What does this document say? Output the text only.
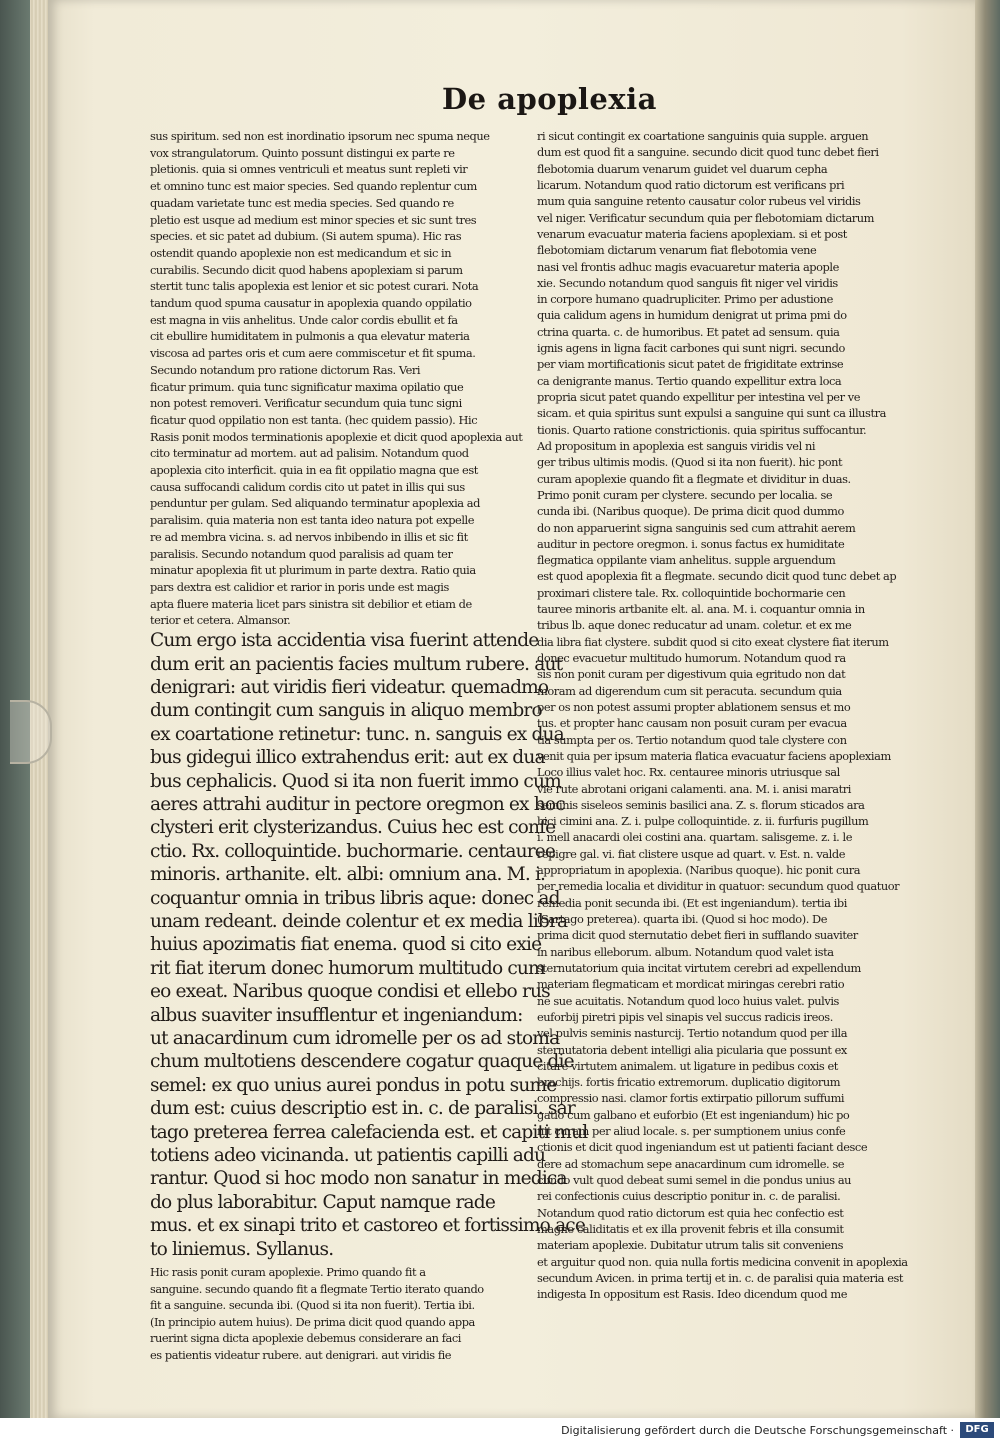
De apoplexia
sus spiritum. sed non est inordinatio ipsorum nec spuma neque
vox strangulatorum. Quinto possunt distingui ex parte re
pletionis. quia si omnes ventriculi et meatus sunt repleti vir
et omnino tunc est maior species. Sed quando replentur cum
quadam varietate tunc est media species. Sed quando re
pletio est usque ad medium est minor species et sic sunt tres
species. et sic patet ad dubium. (Si autem spuma). Hic ras
ostendit quando apoplexie non est medicandum et sic in
curabilis. Secundo dicit quod habens apoplexiam si parum
stertit tunc talis apoplexia est lenior et sic potest curari. Nota
tandum quod spuma causatur in apoplexia quando oppilatio
est magna in viis anhelitus. Unde calor cordis ebullit et fa
cit ebullire humiditatem in pulmonis a qua elevatur materia
viscosa ad partes oris et cum aere commiscetur et fit spuma.
Secundo notandum pro ratione dictorum Ras. Veri
ficatur primum. quia tunc significatur maxima opilatio que
non potest removeri. Verificatur secundum quia tunc signi
ficatur quod oppilatio non est tanta. (hec quidem passio). Hic
Rasis ponit modos terminationis apoplexie et dicit quod apoplexia aut
cito terminatur ad mortem. aut ad palisim. Notandum quod
apoplexia cito interficit. quia in ea fit oppilatio magna que est
causa suffocandi calidum cordis cito ut patet in illis qui sus
penduntur per gulam. Sed aliquando terminatur apoplexia ad
paralisim. quia materia non est tanta ideo natura pot expelle
re ad membra vicina. s. ad nervos inbibendo in illis et sic fit
paralisis. Secundo notandum quod paralisis ad quam ter
minatur apoplexia fit ut plurimum in parte dextra. Ratio quia
pars dextra est calidior et rarior in poris unde est magis
apta fluere materia licet pars sinistra sit debilior et etiam de
terior et cetera. Almansor.
Cum ergo ista accidentia visa fuerint attende
dum erit an pacientis facies multum rubere. aut
denigrari: aut viridis fieri videatur. quemadmo
dum contingit cum sanguis in aliquo membro
ex coartatione retinetur: tunc. n. sanguis ex dua
bus gidegui illico extrahendus erit: aut ex dua
bus cephalicis. Quod si ita non fuerit immo cum
aeres attrahi auditur in pectore oregmon ex hoc
clysteri erit clysterizandus. Cuius hec est confe
ctio. Rx. colloquintide. buchormarie. centauree
minoris. arthanite. elt. albi: omnium ana. M. i.
coquantur omnia in tribus libris aque: donec ad
unam redeant. deinde colentur et ex media libra
huius apozimatis fiat enema. quod si cito exie
rit fiat iterum donec humorum multitudo cum
eo exeat. Naribus quoque condisi et ellebo rus
albus suaviter insufflentur et ingeniandum:
ut anacardinum cum idromelle per os ad stoma
chum multotiens descendere cogatur quaque die
semel: ex quo unius aurei pondus in potu sume
dum est: cuius descriptio est in. c. de paralisi. sar
tago preterea ferrea calefacienda est. et capiti mul
totiens adeo vicinanda. ut patientis capilli adu
rantur. Quod si hoc modo non sanatur in medica
do plus laborabitur. Caput namque rade
mus. et ex sinapi trito et castoreo et fortissimo ace
to liniemus. Syllanus.
Hic rasis ponit curam apoplexie. Primo quando fit a
sanguine. secundo quando fit a flegmate Tertio iterato quando
fit a sanguine. secunda ibi. (Quod si ita non fuerit). Tertia ibi.
(In principio autem huius). De prima dicit quod quando appa
ruerint signa dicta apoplexie debemus considerare an faci
es patientis videatur rubere. aut denigrari. aut viridis fie
ri sicut contingit ex coartatione sanguinis quia supple. arguen
dum est quod fit a sanguine. secundo dicit quod tunc debet fieri
flebotomia duarum venarum guidet vel duarum cepha
licarum. Notandum quod ratio dictorum est verificans pri
mum quia sanguine retento causatur color rubeus vel viridis
vel niger. Verificatur secundum quia per flebotomiam dictarum
venarum evacuatur materia faciens apoplexiam. si et post
flebotomiam dictarum venarum fiat flebotomia vene
nasi vel frontis adhuc magis evacuaretur materia apople
xie. Secundo notandum quod sanguis fit niger vel viridis
in corpore humano quadrupliciter. Primo per adustione
quia calidum agens in humidum denigrat ut prima pmi do
ctrina quarta. c. de humoribus. Et patet ad sensum. quia
ignis agens in ligna facit carbones qui sunt nigri. secundo
per viam mortificationis sicut patet de frigiditate extrinse
ca denigrante manus. Tertio quando expellitur extra loca
propria sicut patet quando expellitur per intestina vel per ve
sicam. et quia spiritus sunt expulsi a sanguine qui sunt ca illustra
tionis. Quarto ratione constrictionis. quia spiritus suffocantur.
Ad propositum in apoplexia est sanguis viridis vel ni
ger tribus ultimis modis. (Quod si ita non fuerit). hic pont
curam apoplexie quando fit a flegmate et dividitur in duas.
Primo ponit curam per clystere. secundo per localia. se
cunda ibi. (Naribus quoque). De prima dicit quod dummo
do non apparuerint signa sanguinis sed cum attrahit aerem
auditur in pectore oregmon. i. sonus factus ex humiditate
flegmatica oppilante viam anhelitus. supple arguendum
est quod apoplexia fit a flegmate. secundo dicit quod tunc debet ap
proximari clistere tale. Rx. colloquintide bochormarie cen
tauree minoris artbanite elt. al. ana. M. i. coquantur omnia in
tribus lb. aque donec reducatur ad unam. coletur. et ex me
dia libra fiat clystere. subdit quod si cito exeat clystere fiat iterum
donec evacuetur multitudo humorum. Notandum quod ra
sis non ponit curam per digestivum quia egritudo non dat
moram ad digerendum cum sit peracuta. secundum quia
per os non potest assumi propter ablationem sensus et mo
tus. et propter hanc causam non posuit curam per evacua
tia sumpta per os. Tertio notandum quod tale clystere con
venit quia per ipsum materia flatica evacuatur faciens apoplexiam
Loco illius valet hoc. Rx. centauree minoris utriusque sal
vie rute abrotani origani calamenti. ana. M. i. anisi maratri
seminis siseleos seminis basilici ana. Z. s. florum sticados ara
bici cimini ana. Z. i. pulpe colloquintide. z. ii. furfuris pugillum
i. mell anacardi olei costini ana. quartam. salisgeme. z. i. le
repigre gal. vi. fiat clistere usque ad quart. v. Est. n. valde
appropriatum in apoplexia. (Naribus quoque). hic ponit cura
per remedia localia et dividitur in quatuor: secundum quod quatuor
remedia ponit secunda ibi. (Et est ingeniandum). tertia ibi
(Sartago preterea). quarta ibi. (Quod si hoc modo). De
prima dicit quod sternutatio debet fieri in sufflando suaviter
in naribus elleborum. album. Notandum quod valet ista
sternutatorium quia incitat virtutem cerebri ad expellendum
materiam flegmaticam et mordicat miringas cerebri ratio
ne sue acuitatis. Notandum quod loco huius valet. pulvis
euforbij piretri pipis vel sinapis vel succus radicis ireos.
vel pulvis seminis nasturcij. Tertio notandum quod per illa
sternutatoria debent intelligi alia picularia que possunt ex
citare virtutem animalem. ut ligature in pedibus coxis et
brachijs. fortis fricatio extremorum. duplicatio digitorum
compressio nasi. clamor fortis extirpatio pillorum suffumi
gatio cum galbano et euforbio (Et est ingeniandum) hic po
nit curam per aliud locale. s. per sumptionem unius confe
ctionis et dicit quod ingeniandum est ut patienti faciant desce
dere ad stomachum sepe anacardinum cum idromelle. se
cundo vult quod debeat sumi semel in die pondus unius au
rei confectionis cuius descriptio ponitur in. c. de paralisi.
Notandum quod ratio dictorum est quia hec confectio est
magne caliditatis et ex illa provenit febris et illa consumit
materiam apoplexie. Dubitatur utrum talis sit conveniens
et arguitur quod non. quia nulla fortis medicina convenit in apoplexia
secundum Avicen. in prima tertij et in. c. de paralisi quia materia est
indigesta In oppositum est Rasis. Ideo dicendum quod me
Digitalisierung gefördert durch die Deutsche Forschungsgemeinschaft ·	DFG
